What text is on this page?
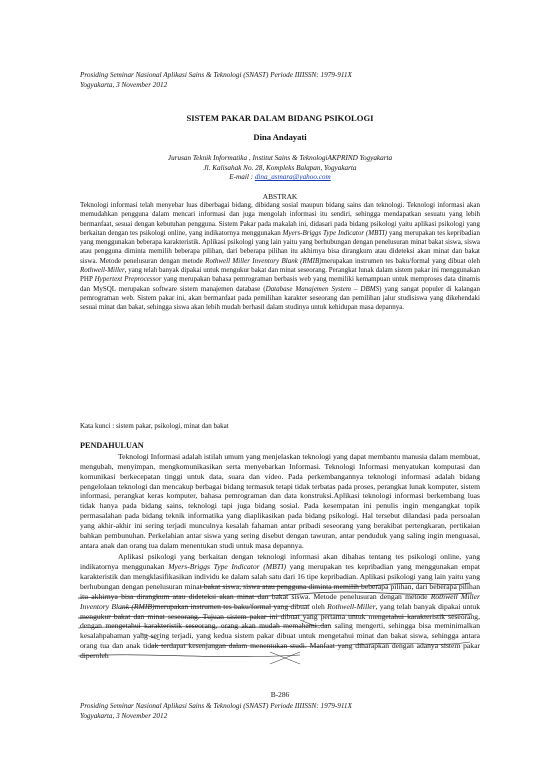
Prosiding Seminar Nasional Aplikasi Sains & Teknologi (SNAST) Periode IIIISSN: 1979-911X
Yogyakarta, 3 November 2012
SISTEM PAKAR DALAM BIDANG PSIKOLOGI
Dina Andayati
Jurusan Teknik Informatika , Institut Sains & TeknologiAKPRIND Yogyakarta
Jl. Kalisahak No. 28, Kompleks Balapan, Yogyakarta
E-mail : dina_asmara@yahoo.com
ABSTRAK
Teknologi informasi telah menyebar luas diberbagai bidang, dibidang sosial maupun bidang sains dan teknologi. Teknologi informasi akan memudahkan pengguna dalam mencari informasi dan juga mengolah informasi itu sendiri, sehingga mendapatkan sesuatu yang lebih bermanfaat, sesuai dengan kebutuhan pengguna. Sistem Pakar pada makalah ini, didasari pada bidang psikologi yaitu aplikasi psikologi yang berkaitan dengan tes psikologi online, yang indikatornya menggunakan Myers-Briggs Type Indicator (MBTI) yang merupakan tes kepribadian yang menggunakan beberapa karakteristik. Aplikasi psikologi yang lain yaitu yang berhubungan dengan penelusuran minat bakat siswa, siswa atau pengguna diminta memilih beberapa pilihan, dari beberapa pilihan itu akhirnya bisa dirangkum atau dideteksi akan minat dan bakat siswa. Metode penelusuran dengan metode Rothwell Miller Inventory Blank (RMIB)merupakan instrumen tes baku/formal yang dibuat oleh Rothwell-Miller, yang telah banyak dipakai untuk mengukur bakat dan minat seseorang. Perangkat lunak dalam sistem pakar ini menggunakan PHP Hypertext Preprocessor yang merupakan bahasa pemrograman berbasis web yang memiliki kemampuan untuk memproses data dinamis dan MySQL merupakan software sistem manajemen database (Database Manajemen System – DBMS) yang sangat populer di kalangan pemrograman web. Sistem pakar ini, akan bermanfaat pada pemilihan karakter seseorang dan pemilihan jalur studisiswa yang dikehendaki sesuai minat dan bakat, sehingga siswa akan lebih mudah berhasil dalam studinya untuk kehidupan masa depannya.
Kata kunci : sistem pakar, psikologi, minat dan bakat
PENDAHULUAN

Teknologi Informasi adalah istilah umum yang menjelaskan teknologi yang dapat membantu manusia dalam membuat, mengubah, menyimpan, mengkomunikasikan serta menyebarkan Informasi. Teknologi Informasi menyatukan komputasi dan komunikasi berkecepatan tinggi untuk data, suara dan video. Pada perkembangannya teknologi informasi adalah bidang pengelolaan teknologi dan mencakup berbagai bidang termasuk tetapi tidak terbatas pada proses, perangkat lunak komputer, sistem informasi, perangkat keras komputer, bahasa pemrograman dan data konstruksi.Aplikasi teknologi informasi berkembang luas tidak hanya pada bidang sains, teknologi tapi juga bidang sosial. Pada kesempatan ini penulis ingin mengangkat topik permasalahan pada bidang teknik informatika yang diaplikasikan pada bidang psikologi. Hal tersebut dilandasi pada persoalan yang akhir-akhir ini sering terjadi munculnya kesalah fahaman antar pribadi seseorang yang berakibat pertengkaran, pertikaian bahkan pembunuhan. Perkelahian antar siswa yang sering disebut dengan tawuran, antar penduduk yang saling ingin menguasai, antara anak dan orang tua dalam menentukan studi untuk masa depannya.

Aplikasi psikologi yang berkaitan dengan teknologi informasi akan dibahas tentang tes psikologi online, yang indikatornya menggunakan Myers-Briggs Type Indicator (MBTI) yang merupakan tes kepribadian yang menggunakan empat karakteristik dan mengklasifikasikan individu ke dalam salah satu dari 16 tipe kepribadian. Aplikasi psikologi yang lain yaitu yang berhubungan dengan penelusuran minat bakat siswa, siswa atau pengguna diminta memilih beberapa pilihan, dari beberapa pilihan itu akhirnya bisa dirangkum atau dideteksi akan minat dan bakat siswa. Metode penelusuran dengan metode Rothwell Miller Inventory Blank (RMIB)merupakan instrumen tes baku/formal yang dibuat oleh Rothwell-Miller, yang telah banyak dipakai untuk mengukur bakat dan minat seseorang. Tujuan sistem pakar ini dibuat yang pertama untuk mengetahui karakteristik seseorang, dengan mengetahui karakteristik seseorang, orang akan mudah memahami dan saling mengerti, sehingga bisa meminimalkan kesalahpahaman yang sering terjadi, yang kedua sistem pakar dibuat untuk mengetahui minat dan bakat siswa, sehingga antara orang tua dan anak tidak terdapat kesenjangan dalam menentukan studi. Manfaat yang diharapkan dengan adanya sistem pakar diperoleh

B-286
Prosiding Seminar Nasional Aplikasi Sains & Teknologi (SNAST) Periode IIIISSN: 1979-911X
Yogyakarta, 3 November 2012
